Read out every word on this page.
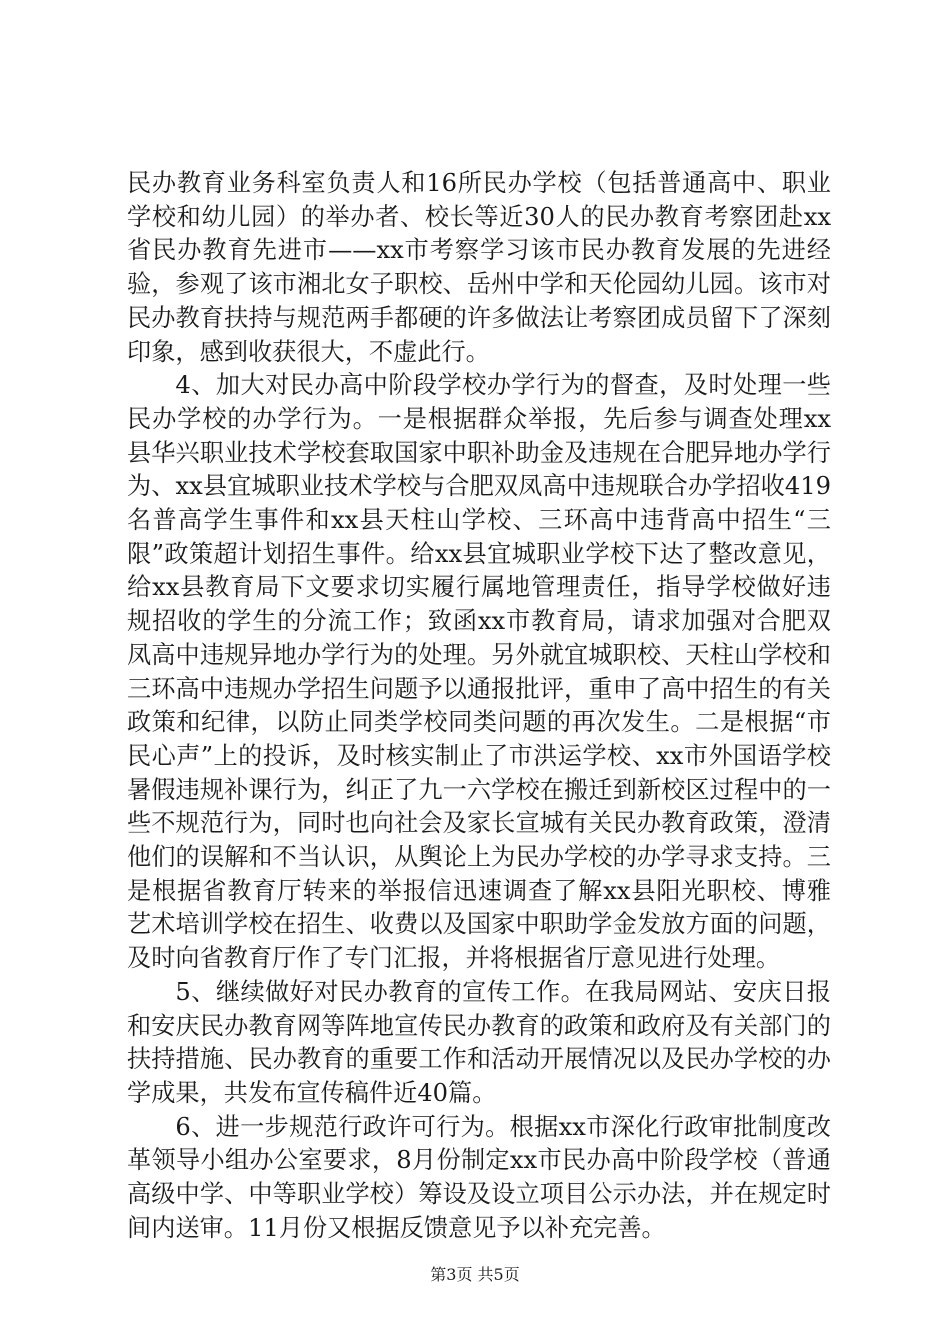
民办教育业务科室负责人和16所民办学校（包括普通高中、职业学校和幼儿园）的举办者、校长等近30人的民办教育考察团赴xx省民办教育先进市——xx市考察学习该市民办教育发展的先进经验，参观了该市湘北女子职校、岳州中学和天伦园幼儿园。该市对民办教育扶持与规范两手都硬的许多做法让考察团成员留下了深刻印象，感到收获很大，不虚此行。

4、加大对民办高中阶段学校办学行为的督查，及时处理一些民办学校的办学行为。一是根据群众举报，先后参与调查处理xx县华兴职业技术学校套取国家中职补助金及违规在合肥异地办学行为、xx县宜城职业技术学校与合肥双凤高中违规联合办学招收419名普高学生事件和xx县天柱山学校、三环高中违背高中招生“三限”政策超计划招生事件。给xx县宜城职业学校下达了整改意见，给xx县教育局下文要求切实履行属地管理责任，指导学校做好违规招收的学生的分流工作；致函xx市教育局，请求加强对合肥双凤高中违规异地办学行为的处理。另外就宜城职校、天柱山学校和三环高中违规办学招生问题予以通报批评，重申了高中招生的有关政策和纪律，以防止同类学校同类问题的再次发生。二是根据“市民心声”上的投诉，及时核实制止了市洪运学校、xx市外国语学校暑假违规补课行为，纠正了九一六学校在搬迁到新校区过程中的一些不规范行为，同时也向社会及家长宣城有关民办教育政策，澄清他们的误解和不当认识，从舆论上为民办学校的办学寻求支持。三是根据省教育厅转来的举报信迅速调查了解xx县阳光职校、博雅艺术培训学校在招生、收费以及国家中职助学金发放方面的问题，及时向省教育厅作了专门汇报，并将根据省厅意见进行处理。

5、继续做好对民办教育的宣传工作。在我局网站、安庆日报和安庆民办教育网等阵地宣传民办教育的政策和政府及有关部门的扶持措施、民办教育的重要工作和活动开展情况以及民办学校的办学成果，共发布宣传稿件近40篇。

6、进一步规范行政许可行为。根据xx市深化行政审批制度改革领导小组办公室要求，8月份制定xx市民办高中阶段学校（普通高级中学、中等职业学校）筹设及设立项目公示办法，并在规定时间内送审。11月份又根据反馈意见予以补充完善。

第3页 共5页
